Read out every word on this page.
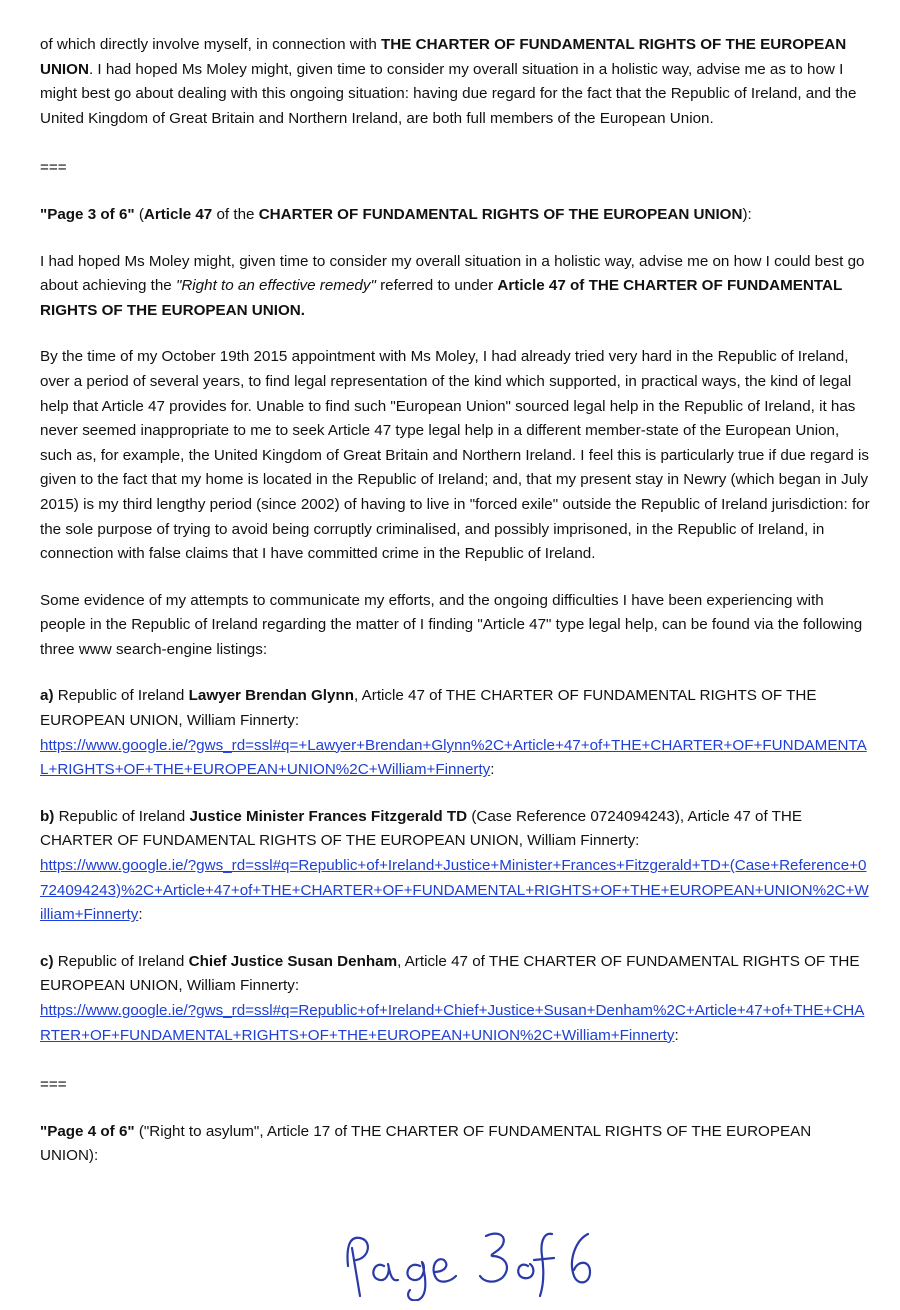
of which directly involve myself, in connection with THE CHARTER OF FUNDAMENTAL RIGHTS OF THE EUROPEAN UNION. I had hoped Ms Moley might, given time to consider my overall situation in a holistic way, advise me as to how I might best go about dealing with this ongoing situation: having due regard for the fact that the Republic of Ireland, and the United Kingdom of Great Britain and Northern Ireland, are both full members of the European Union.

===

"Page 3 of 6" (Article 47 of the CHARTER OF FUNDAMENTAL RIGHTS OF THE EUROPEAN UNION):

I had hoped Ms Moley might, given time to consider my overall situation in a holistic way, advise me on how I could best go about achieving the "Right to an effective remedy" referred to under Article 47 of THE CHARTER OF FUNDAMENTAL RIGHTS OF THE EUROPEAN UNION.

By the time of my October 19th 2015 appointment with Ms Moley, I had already tried very hard in the Republic of Ireland, over a period of several years, to find legal representation of the kind which supported, in practical ways, the kind of legal help that Article 47 provides for. Unable to find such "European Union" sourced legal help in the Republic of Ireland, it has never seemed inappropriate to me to seek Article 47 type legal help in a different member-state of the European Union, such as, for example, the United Kingdom of Great Britain and Northern Ireland. I feel this is particularly true if due regard is given to the fact that my home is located in the Republic of Ireland; and, that my present stay in Newry (which began in July 2015) is my third lengthy period (since 2002) of having to live in "forced exile" outside the Republic of Ireland jurisdiction: for the sole purpose of trying to avoid being corruptly criminalised, and possibly imprisoned, in the Republic of Ireland, in connection with false claims that I have committed crime in the Republic of Ireland.

Some evidence of my attempts to communicate my efforts, and the ongoing difficulties I have been experiencing with people in the Republic of Ireland regarding the matter of I finding "Article 47" type legal help, can be found via the following three www search-engine listings:

a) Republic of Ireland Lawyer Brendan Glynn, Article 47 of THE CHARTER OF FUNDAMENTAL RIGHTS OF THE EUROPEAN UNION, William Finnerty:
https://www.google.ie/?gws_rd=ssl#q=+Lawyer+Brendan+Glynn%2C+Article+47+of+THE+CHARTER+OF+FUNDAMENTAL+RIGHTS+OF+THE+EUROPEAN+UNION%2C+William+Finnerty:

b) Republic of Ireland Justice Minister Frances Fitzgerald TD (Case Reference 0724094243), Article 47 of THE CHARTER OF FUNDAMENTAL RIGHTS OF THE EUROPEAN UNION, William Finnerty:
https://www.google.ie/?gws_rd=ssl#q=Republic+of+Ireland+Justice+Minister+Frances+Fitzgerald+TD+(Case+Reference+0724094243)%2C+Article+47+of+THE+CHARTER+OF+FUNDAMENTAL+RIGHTS+OF+THE+EUROPEAN+UNION%2C+William+Finnerty:

c) Republic of Ireland Chief Justice Susan Denham, Article 47 of THE CHARTER OF FUNDAMENTAL RIGHTS OF THE EUROPEAN UNION, William Finnerty:
https://www.google.ie/?gws_rd=ssl#q=Republic+of+Ireland+Chief+Justice+Susan+Denham%2C+Article+47+of+THE+CHARTER+OF+FUNDAMENTAL+RIGHTS+OF+THE+EUROPEAN+UNION%2C+William+Finnerty:

===

"Page 4 of 6" ("Right to asylum", Article 17 of THE CHARTER OF FUNDAMENTAL RIGHTS OF THE EUROPEAN UNION):
